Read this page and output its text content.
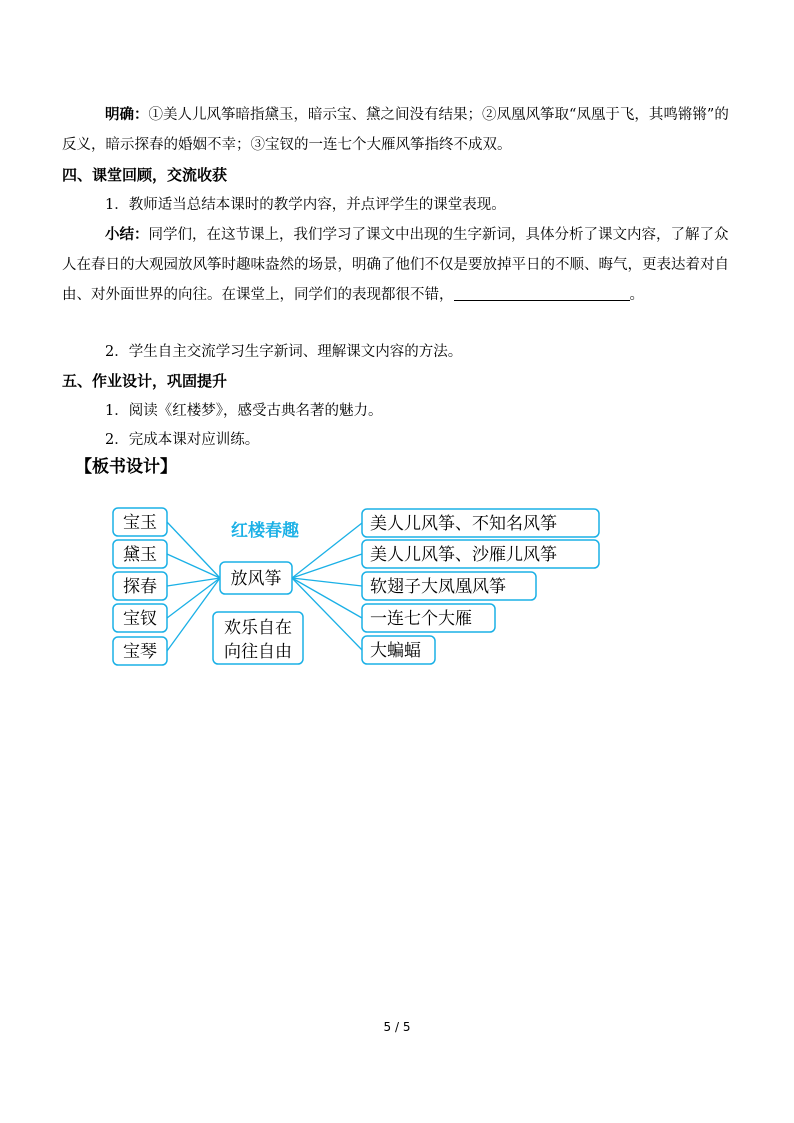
明确：①美人儿风筝暗指黛玉，暗示宝、黛之间没有结果；②凤凰风筝取“凤凰于飞，其鸣锵锵”的反义，暗示探春的婚姻不幸；③宝钗的一连七个大雁风筝指终不成双。

四、课堂回顾，交流收获

1．教师适当总结本课时的教学内容，并点评学生的课堂表现。

小结：同学们，在这节课上，我们学习了课文中出现的生字新词，具体分析了课文内容，了解了众人在春日的大观园放风筝时趣味盎然的场景，明确了他们不仅是要放掉平日的不顺、晦气，更表达着对自由、对外面世界的向往。在课堂上，同学们的表现都很不错，	。

2．学生自主交流学习生字新词、理解课文内容的方法。

五、作业设计，巩固提升

1．阅读《红楼梦》，感受古典名著的魅力。

2．完成本课对应训练。

【板书设计】
红楼春趣
宝玉
黛玉
探春
宝钗
宝琴
放风筝
欢乐自在
向往自由
美人儿风筝、不知名风筝
美人儿风筝、沙雁儿风筝
软翅子大凤凰风筝
一连七个大雁
大蝙蝠
5 / 5
